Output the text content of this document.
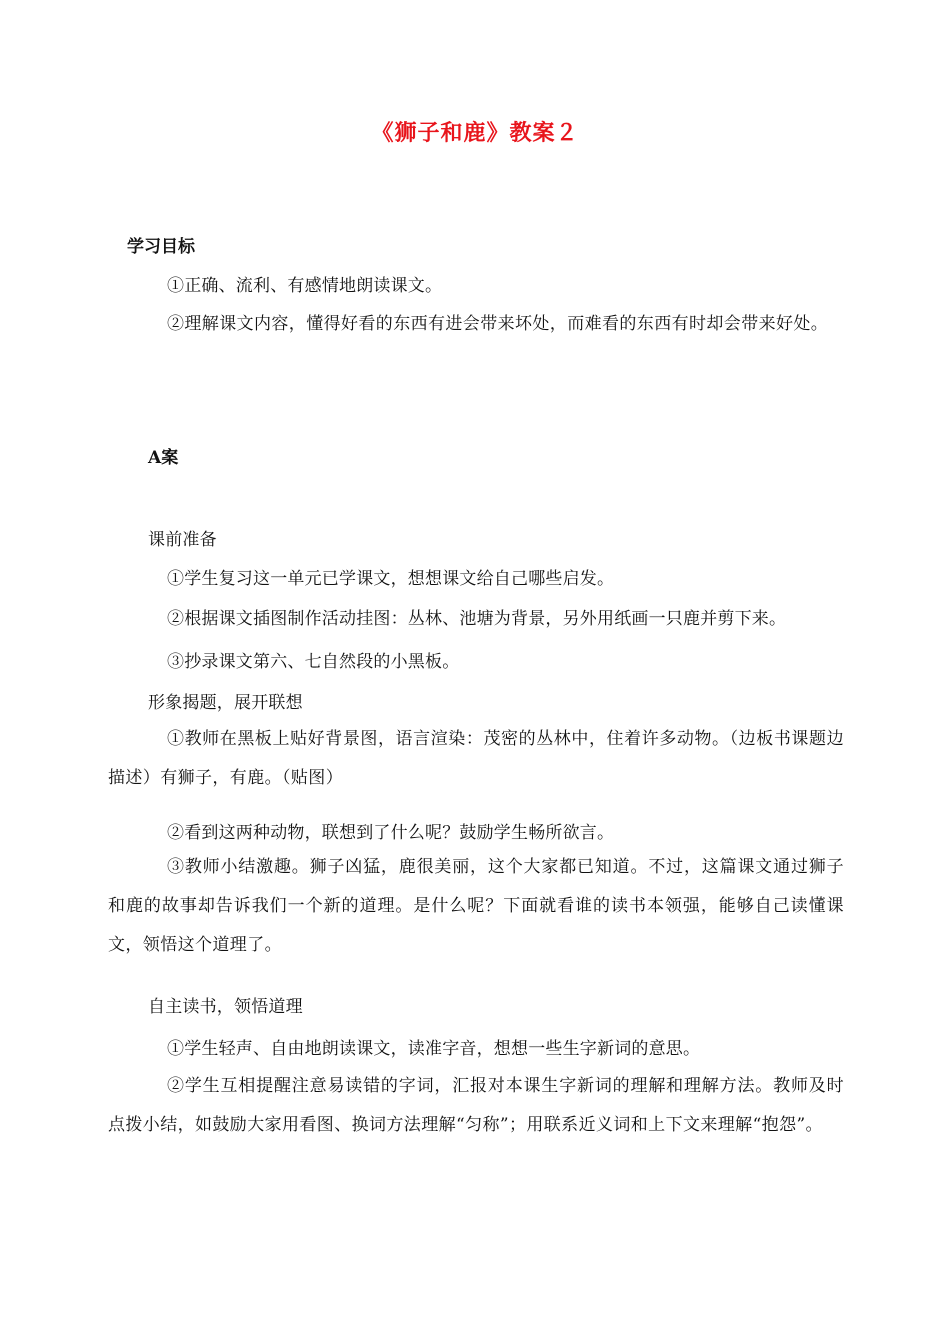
《狮子和鹿》教案２
学习目标
①正确、流利、有感情地朗读课文。
②理解课文内容，懂得好看的东西有进会带来坏处，而难看的东西有时却会带来好处。
A案
课前准备
①学生复习这一单元已学课文，想想课文给自己哪些启发。
②根据课文插图制作活动挂图：丛林、池塘为背景，另外用纸画一只鹿并剪下来。
③抄录课文第六、七自然段的小黑板。
形象揭题，展开联想
①教师在黑板上贴好背景图，语言渲染：茂密的丛林中，住着许多动物。（边板书课题边描述）有狮子，有鹿。（贴图）
②看到这两种动物，联想到了什么呢？鼓励学生畅所欲言。
③教师小结激趣。狮子凶猛，鹿很美丽，这个大家都已知道。不过，这篇课文通过狮子和鹿的故事却告诉我们一个新的道理。是什么呢？下面就看谁的读书本领强，能够自己读懂课文，领悟这个道理了。
自主读书，领悟道理
①学生轻声、自由地朗读课文，读准字音，想想一些生字新词的意思。
②学生互相提醒注意易读错的字词，汇报对本课生字新词的理解和理解方法。教师及时点拨小结，如鼓励大家用看图、换词方法理解“匀称”；用联系近义词和上下文来理解“抱怨”。
